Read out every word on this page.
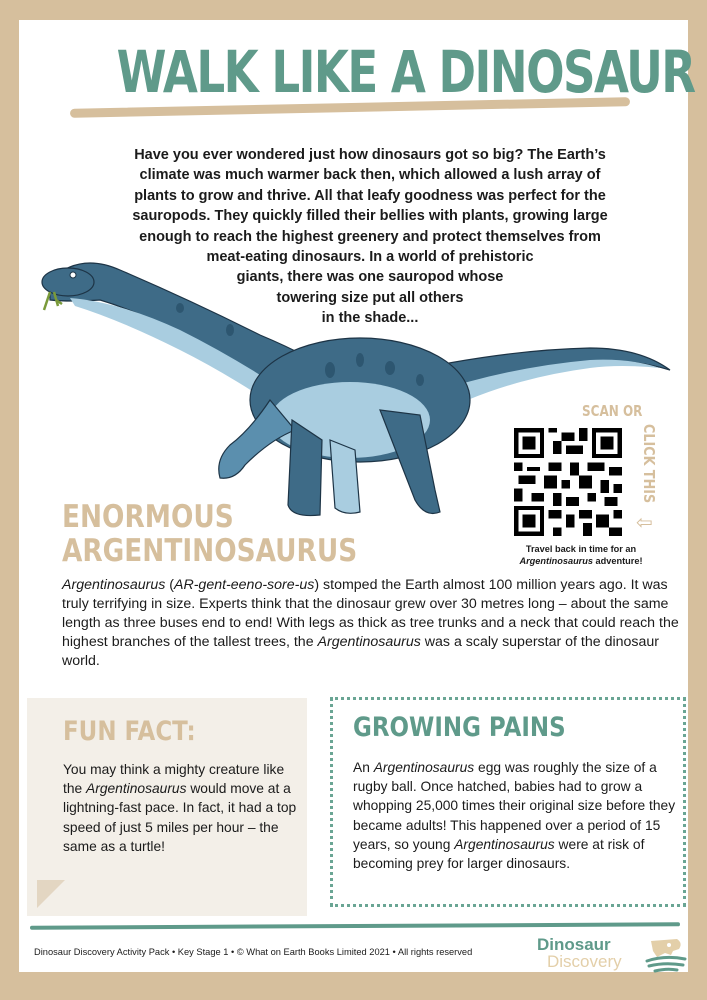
WALK LIKE A DINOSAUR
Have you ever wondered just how dinosaurs got so big? The Earth’s
climate was much warmer back then, which allowed a lush array of
plants to grow and thrive. All that leafy goodness was perfect for the
sauropods. They quickly filled their bellies with plants, growing large
enough to reach the highest greenery and protect themselves from
meat-eating dinosaurs. In a world of prehistoric
giants, there was one sauropod whose
towering size put all others
in the shade...
SCAN OR
CLICK THIS
⇦
Travel back in time for an
Argentinosaurus adventure!
ENORMOUS
ARGENTINOSAURUS
Argentinosaurus (AR-gent-eeno-sore-us) stomped the Earth almost 100 million years ago. It was truly terrifying in size. Experts think that the dinosaur grew over 30 metres long – about the same length as three buses end to end! With legs as thick as tree trunks and a neck that could reach the highest branches of the tallest trees, the Argentinosaurus was a scaly superstar of the dinosaur world.
FUN FACT:
You may think a mighty creature like the Argentinosaurus would move at a lightning-fast pace. In fact, it had a top speed of just 5 miles per hour – the same as a turtle!
GROWING PAINS
An Argentinosaurus egg was roughly the size of a rugby ball. Once hatched, babies had to grow a whopping 25,000 times their original size before they became adults! This happened over a period of 15 years, so young Argentinosaurus were at risk of becoming prey for larger dinosaurs.
Dinosaur Discovery Activity Pack • Key Stage 1 • © What on Earth Books Limited 2021 • All rights reserved	Dinosaur
Discovery
